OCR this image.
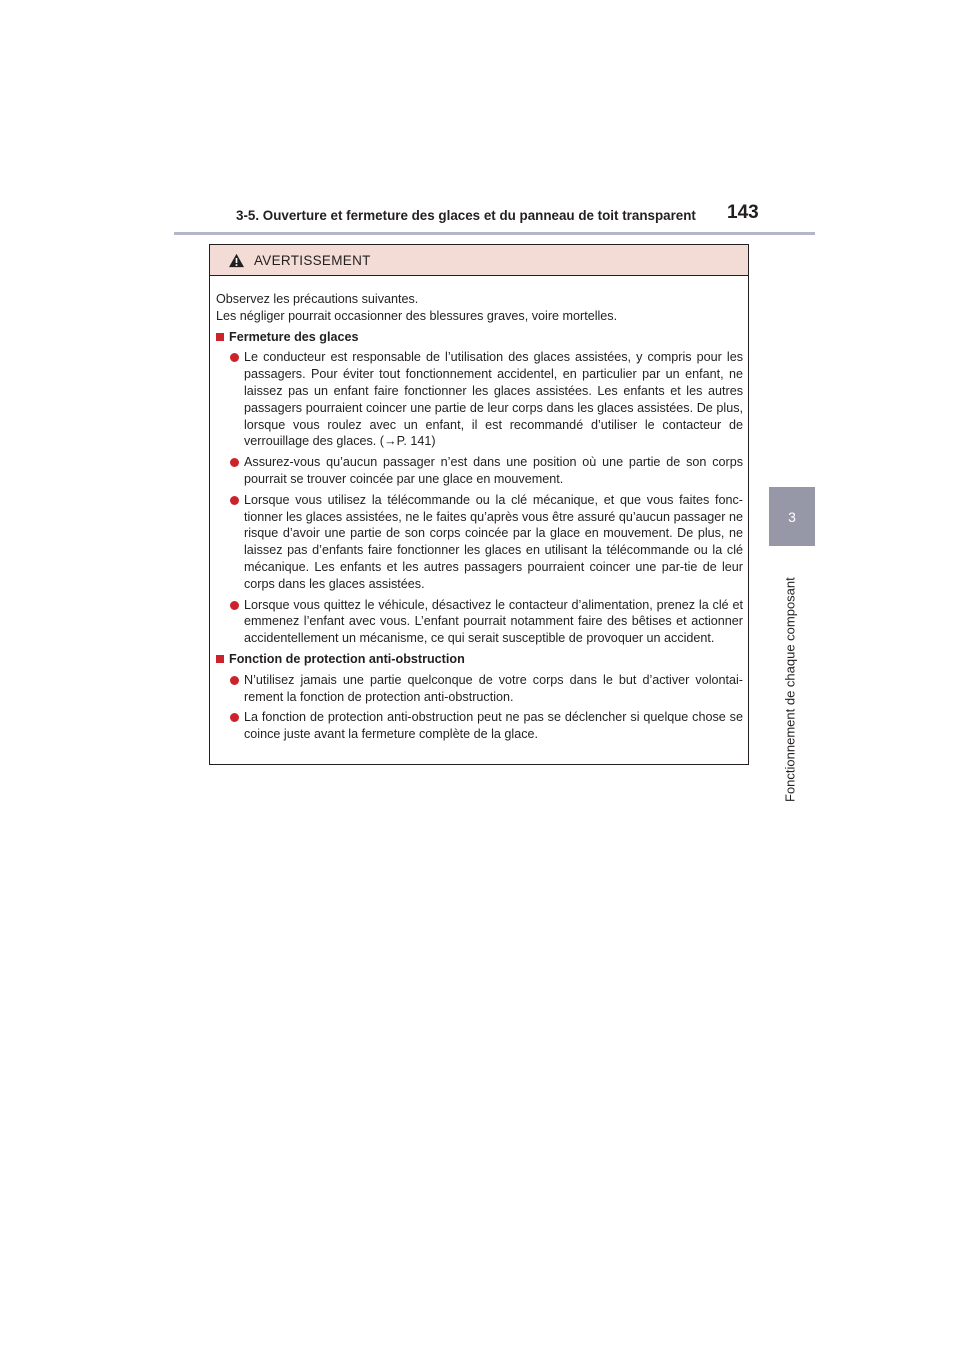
3-5. Ouverture et fermeture des glaces et du panneau de toit transparent 143
3
Fonctionnement de chaque composant
AVERTISSEMENT

Observez les précautions suivantes.

Les négliger pourrait occasionner des blessures graves, voire mortelles.

Fermeture des glaces
Le conducteur est responsable de l’utilisation des glaces assistées, y compris pour les passagers. Pour éviter tout fonctionnement accidentel, en particulier par un enfant, ne laissez pas un enfant faire fonctionner les glaces assistées. Les enfants et les autres passagers pourraient coincer une partie de leur corps dans les glaces assistées. De plus, lorsque vous roulez avec un enfant, il est recommandé d’utiliser le contacteur de verrouillage des glaces. (→P. 141)
Assurez-vous qu’aucun passager n’est dans une position où une partie de son corps pourrait se trouver coincée par une glace en mouvement.
Lorsque vous utilisez la télécommande ou la clé mécanique, et que vous faites fonc-tionner les glaces assistées, ne le faites qu’après vous être assuré qu’aucun passager ne risque d’avoir une partie de son corps coincée par la glace en mouvement. De plus, ne laissez pas d’enfants faire fonctionner les glaces en utilisant la télécommande ou la clé mécanique. Les enfants et les autres passagers pourraient coincer une par-tie de leur corps dans les glaces assistées.
Lorsque vous quittez le véhicule, désactivez le contacteur d’alimentation, prenez la clé et emmenez l’enfant avec vous. L’enfant pourrait notamment faire des bêtises et actionner accidentellement un mécanisme, ce qui serait susceptible de provoquer un accident.
Fonction de protection anti-obstruction
N’utilisez jamais une partie quelconque de votre corps dans le but d’activer volontai-rement la fonction de protection anti-obstruction.
La fonction de protection anti-obstruction peut ne pas se déclencher si quelque chose se coince juste avant la fermeture complète de la glace.
